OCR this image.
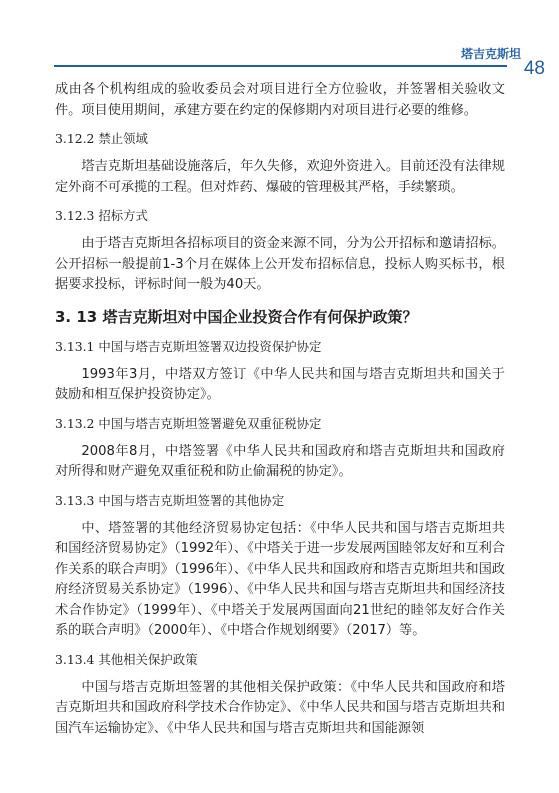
塔吉克斯坦
48

成由各个机构组成的验收委员会对项目进行全方位验收，并签署相关验收文件。项目使用期间，承建方要在约定的保修期内对项目进行必要的维修。

3.12.2 禁止领域

塔吉克斯坦基础设施落后，年久失修，欢迎外资进入。目前还没有法律规定外商不可承揽的工程。但对炸药、爆破的管理极其严格，手续繁琐。

3.12.3 招标方式

由于塔吉克斯坦各招标项目的资金来源不同，分为公开招标和邀请招标。公开招标一般提前1-3个月在媒体上公开发布招标信息，投标人购买标书，根据要求投标，评标时间一般为40天。

3. 13 塔吉克斯坦对中国企业投资合作有何保护政策？

3.13.1 中国与塔吉克斯坦签署双边投资保护协定

1993年3月，中塔双方签订《中华人民共和国与塔吉克斯坦共和国关于鼓励和相互保护投资协定》。

3.13.2 中国与塔吉克斯坦签署避免双重征税协定

2008年8月，中塔签署《中华人民共和国政府和塔吉克斯坦共和国政府对所得和财产避免双重征税和防止偷漏税的协定》。

3.13.3 中国与塔吉克斯坦签署的其他协定

中、塔签署的其他经济贸易协定包括：《中华人民共和国与塔吉克斯坦共和国经济贸易协定》（1992年）、《中塔关于进一步发展两国睦邻友好和互利合作关系的联合声明》（1996年）、《中华人民共和国政府和塔吉克斯坦共和国政府经济贸易关系协定》（1996）、《中华人民共和国与塔吉克斯坦共和国经济技术合作协定》（1999年）、《中塔关于发展两国面向21世纪的睦邻友好合作关系的联合声明》（2000年）、《中塔合作规划纲要》（2017）等。

3.13.4 其他相关保护政策

中国与塔吉克斯坦签署的其他相关保护政策：《中华人民共和国政府和塔吉克斯坦共和国政府科学技术合作协定》、《中华人民共和国与塔吉克斯坦共和国汽车运输协定》、《中华人民共和国与塔吉克斯坦共和国能源领
